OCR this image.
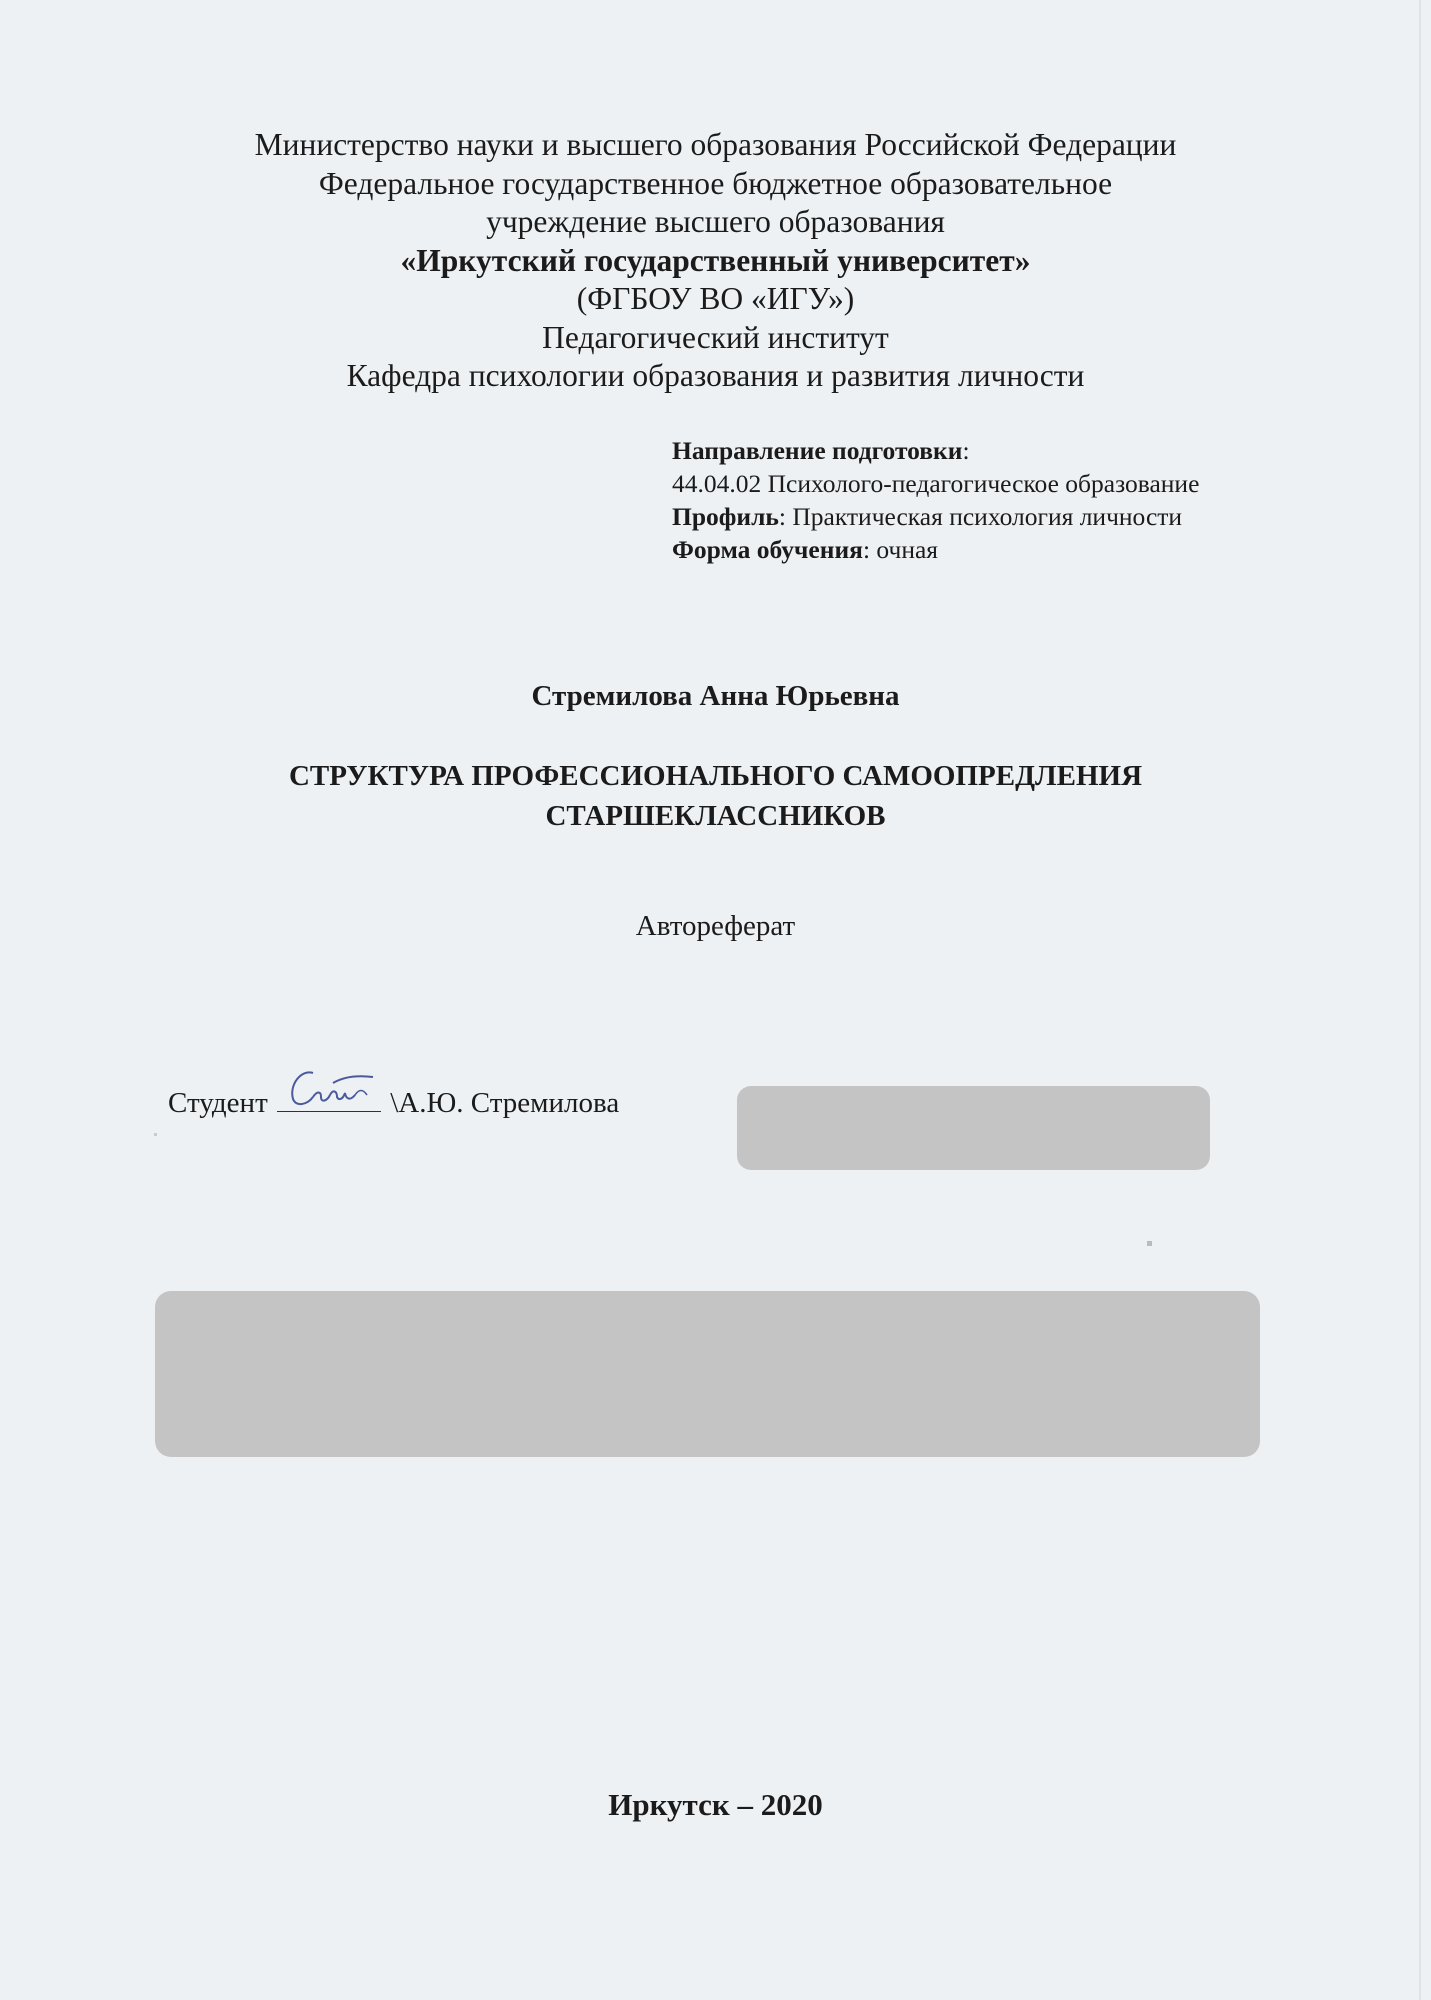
Министерство науки и высшего образования Российской Федерации
Федеральное государственное бюджетное образовательное
учреждение высшего образования
«Иркутский государственный университет»
(ФГБОУ ВО «ИГУ»)
Педагогический институт
Кафедра психологии образования и развития личности
Направление подготовки:
44.04.02 Психолого-педагогическое образование
Профиль: Практическая психология личности
Форма обучения: очная
Стремилова Анна Юрьевна
СТРУКТУРА ПРОФЕССИОНАЛЬНОГО САМООПРЕДЛЕНИЯ
СТАРШЕКЛАССНИКОВ
Автореферат
Студент	\А.Ю. Стремилова
Иркутск – 2020
